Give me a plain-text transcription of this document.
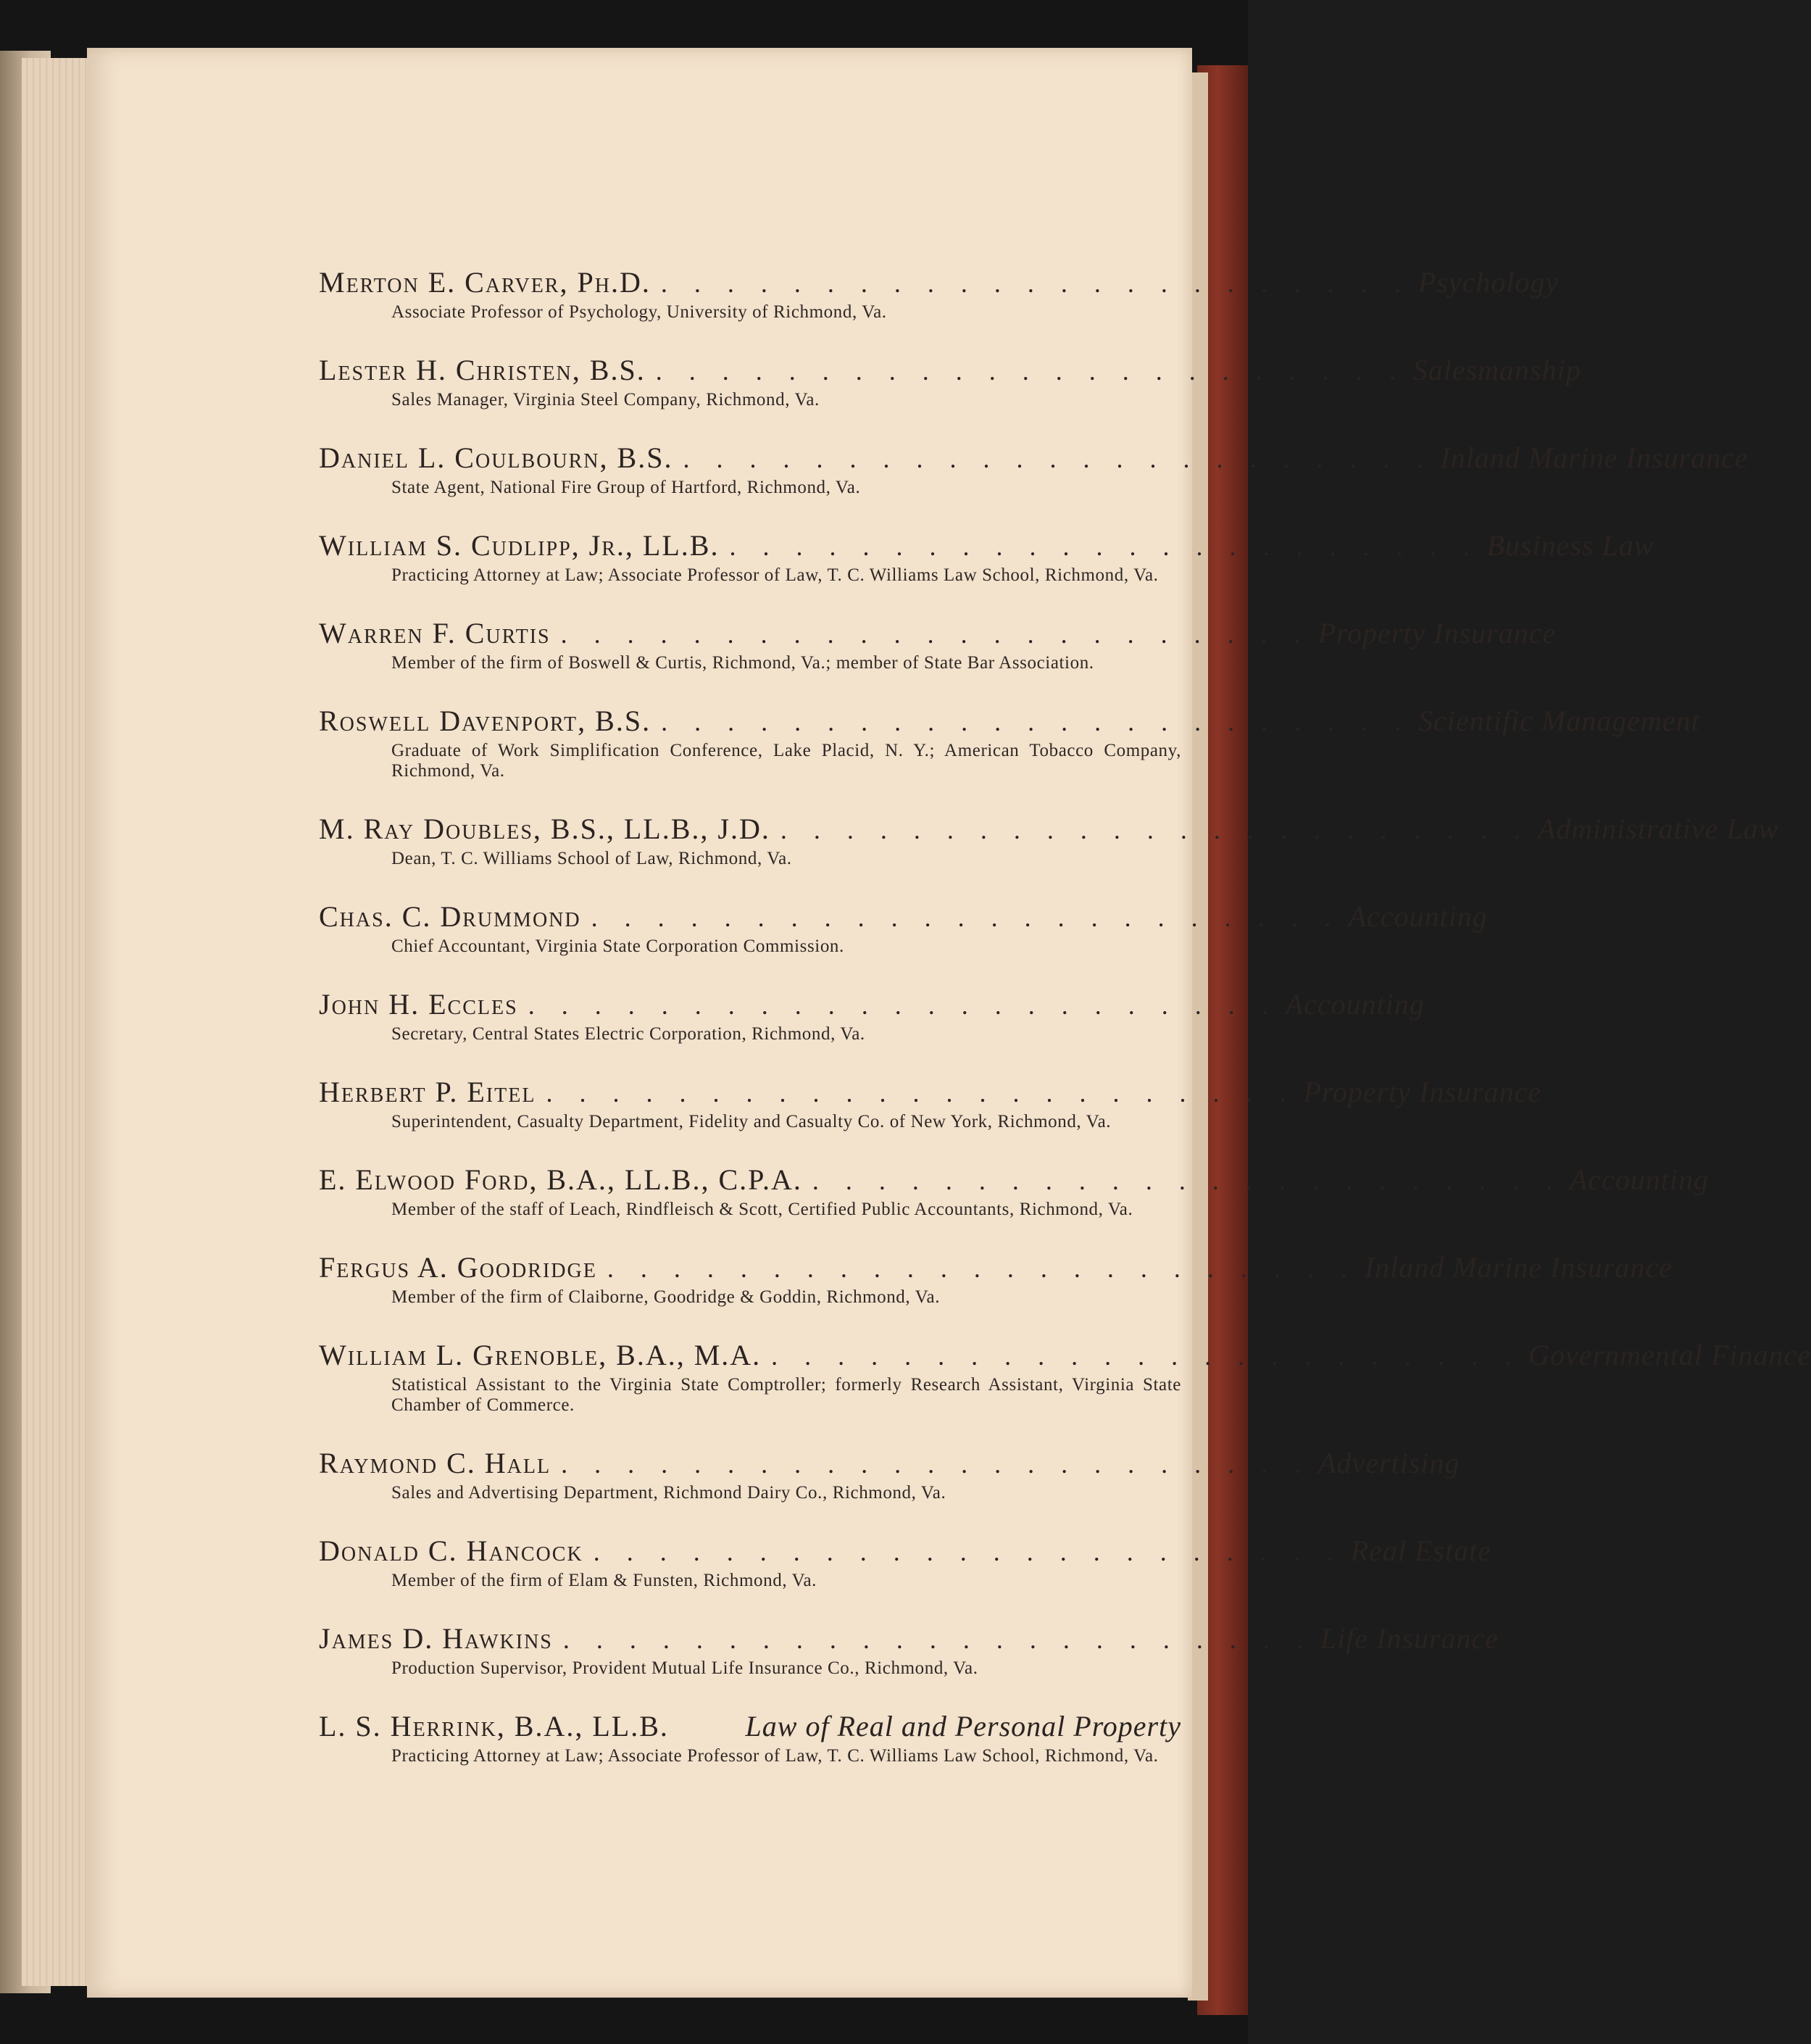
Merton E. Carver, Ph.D. . . . . . . . . . . . . . . . . . . . . . . . Psychology
Associate Professor of Psychology, University of Richmond, Va.
Lester H. Christen, B.S. . . . . . . . . . . . . . . . . . . . . . . . Salesmanship
Sales Manager, Virginia Steel Company, Richmond, Va.
Daniel L. Coulbourn, B.S. . . . . . . . . . . . . . . . . . . . . . . . Inland Marine Insurance
State Agent, National Fire Group of Hartford, Richmond, Va.
William S. Cudlipp, Jr., LL.B. . . . . . . . . . . . . . . . . . . . . . . . Business Law
Practicing Attorney at Law; Associate Professor of Law, T. C. Williams Law School, Richmond, Va.
Warren F. Curtis . . . . . . . . . . . . . . . . . . . . . . . Property Insurance
Member of the firm of Boswell & Curtis, Richmond, Va.; member of State Bar Association.
Roswell Davenport, B.S. . . . . . . . . . . . . . . . . . . . . . . . Scientific Management
Graduate of Work Simplification Conference, Lake Placid, N. Y.; American Tobacco Company, Richmond, Va.
M. Ray Doubles, B.S., LL.B., J.D. . . . . . . . . . . . . . . . . . . . . . . . Administrative Law
Dean, T. C. Williams School of Law, Richmond, Va.
Chas. C. Drummond . . . . . . . . . . . . . . . . . . . . . . . Accounting
Chief Accountant, Virginia State Corporation Commission.
John H. Eccles . . . . . . . . . . . . . . . . . . . . . . . Accounting
Secretary, Central States Electric Corporation, Richmond, Va.
Herbert P. Eitel . . . . . . . . . . . . . . . . . . . . . . . Property Insurance
Superintendent, Casualty Department, Fidelity and Casualty Co. of New York, Richmond, Va.
E. Elwood Ford, B.A., LL.B., C.P.A. . . . . . . . . . . . . . . . . . . . . . . . Accounting
Member of the staff of Leach, Rindfleisch & Scott, Certified Public Accountants, Richmond, Va.
Fergus A. Goodridge . . . . . . . . . . . . . . . . . . . . . . . Inland Marine Insurance
Member of the firm of Claiborne, Goodridge & Goddin, Richmond, Va.
William L. Grenoble, B.A., M.A. . . . . . . . . . . . . . . . . . . . . . . . Governmental Finance
Statistical Assistant to the Virginia State Comptroller; formerly Research Assistant, Virginia State Chamber of Commerce.
Raymond C. Hall . . . . . . . . . . . . . . . . . . . . . . . Advertising
Sales and Advertising Department, Richmond Dairy Co., Richmond, Va.
Donald C. Hancock . . . . . . . . . . . . . . . . . . . . . . . Real Estate
Member of the firm of Elam & Funsten, Richmond, Va.
James D. Hawkins . . . . . . . . . . . . . . . . . . . . . . . Life Insurance
Production Supervisor, Provident Mutual Life Insurance Co., Richmond, Va.
L. S. Herrink, B.A., LL.B.	Law of Real and Personal Property
Practicing Attorney at Law; Associate Professor of Law, T. C. Williams Law School, Richmond, Va.
